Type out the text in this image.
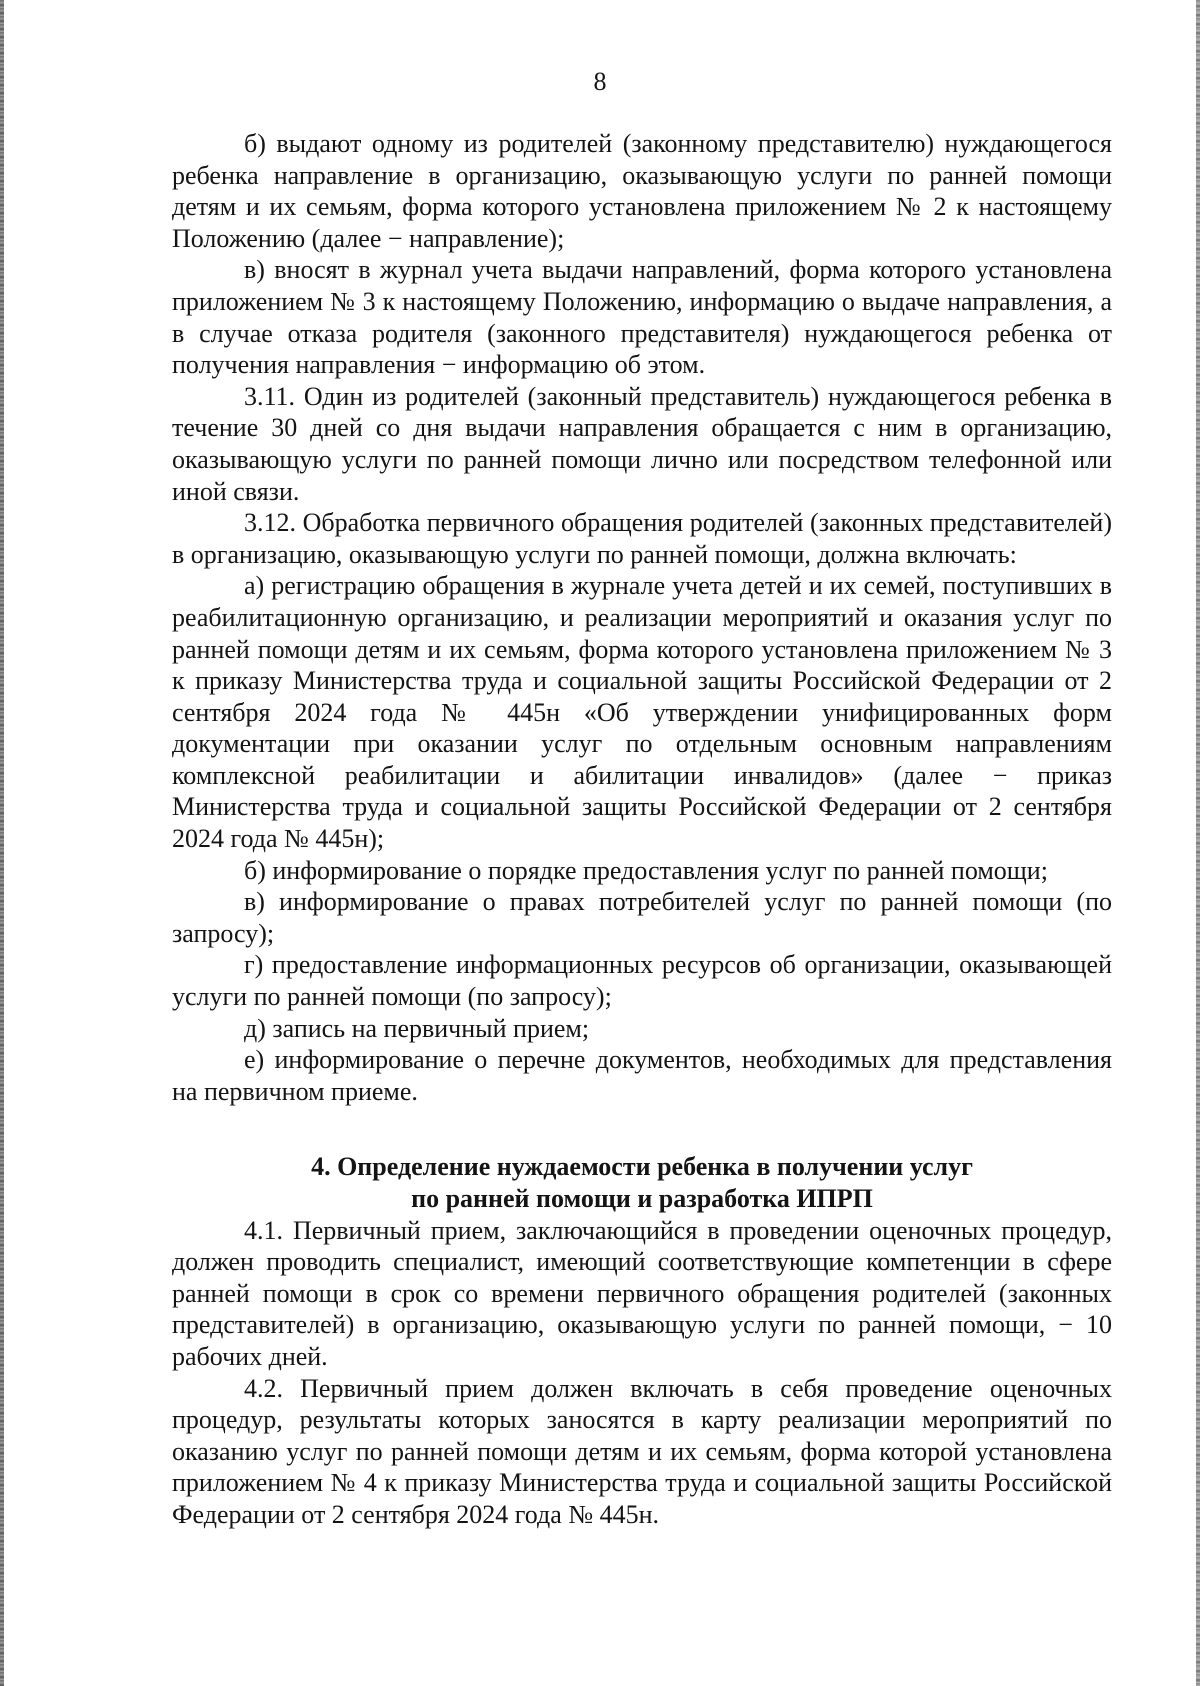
8

б) выдают одному из родителей (законному представителю) нуждающегося ребенка направление в организацию, оказывающую услуги по ранней помощи детям и их семьям, форма которого установлена приложением № 2 к настоящему Положению (далее − направление);

в) вносят в журнал учета выдачи направлений, форма которого установлена приложением № 3 к настоящему Положению, информацию о выдаче направления, а в случае отказа родителя (законного представителя) нуждающегося ребенка от получения направления − информацию об этом.

3.11. Один из родителей (законный представитель) нуждающегося ребенка в течение 30 дней со дня выдачи направления обращается с ним в организацию, оказывающую услуги по ранней помощи лично или посредством телефонной или иной связи.

3.12. Обработка первичного обращения родителей (законных представителей) в организацию, оказывающую услуги по ранней помощи, должна включать:

а) регистрацию обращения в журнале учета детей и их семей, поступивших в реабилитационную организацию, и реализации мероприятий и оказания услуг по ранней помощи детям и их семьям, форма которого установлена приложением № 3 к приказу Министерства труда и социальной защиты Российской Федерации от 2 сентября 2024 года № 445н «Об утверждении унифицированных форм документации при оказании услуг по отдельным основным направлениям комплексной реабилитации и абилитации инвалидов» (далее − приказ Министерства труда и социальной защиты Российской Федерации от 2 сентября 2024 года № 445н);

б) информирование о порядке предоставления услуг по ранней помощи;

в) информирование о правах потребителей услуг по ранней помощи (по запросу);

г) предоставление информационных ресурсов об организации, оказывающей услуги по ранней помощи (по запросу);

д) запись на первичный прием;

е) информирование о перечне документов, необходимых для представления на первичном приеме.

4. Определение нуждаемости ребенка в получении услуг
по ранней помощи и разработка ИПРП

4.1. Первичный прием, заключающийся в проведении оценочных процедур, должен проводить специалист, имеющий соответствующие компетенции в сфере ранней помощи в срок со времени первичного обращения родителей (законных представителей) в организацию, оказывающую услуги по ранней помощи, − 10 рабочих дней.

4.2. Первичный прием должен включать в себя проведение оценочных процедур, результаты которых заносятся в карту реализации мероприятий по оказанию услуг по ранней помощи детям и их семьям, форма которой установлена приложением № 4 к приказу Министерства труда и социальной защиты Российской Федерации от 2 сентября 2024 года № 445н.
